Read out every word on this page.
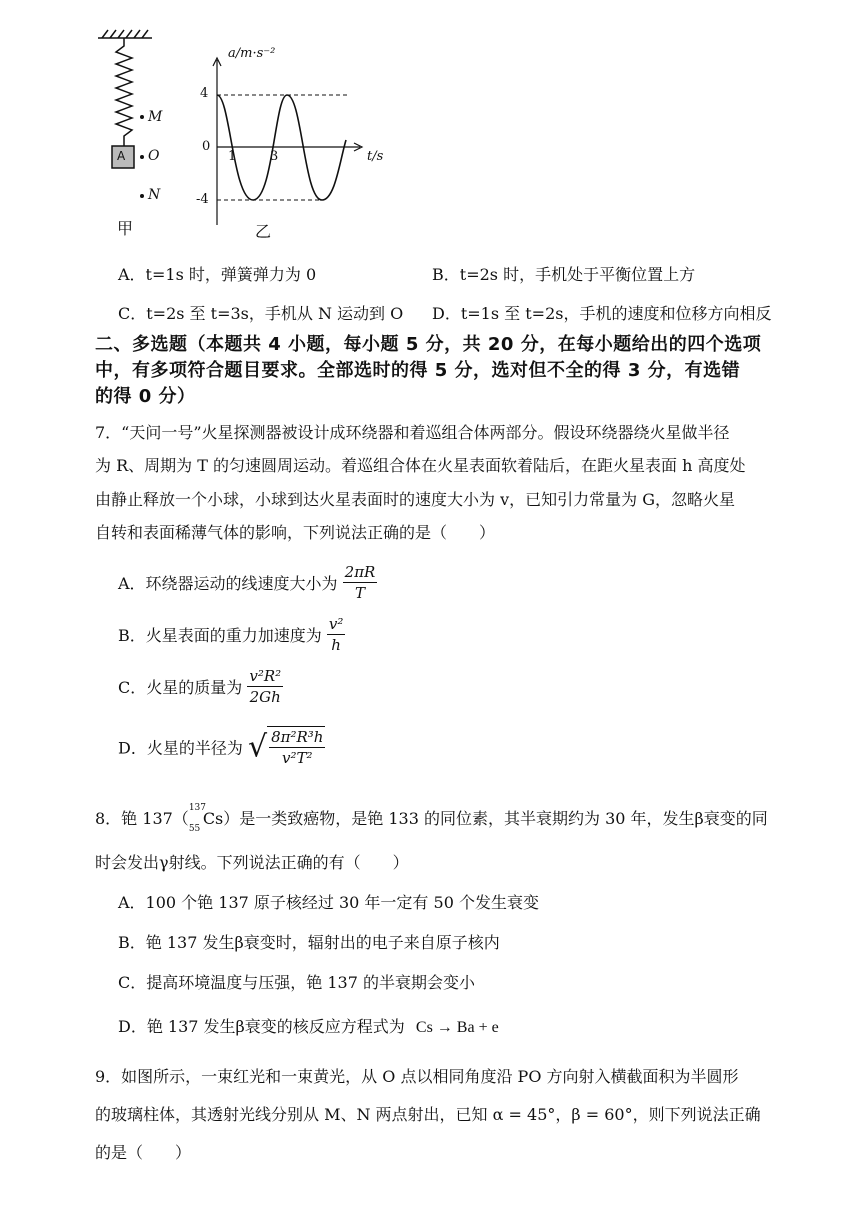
M
O
N
A
a/m·s⁻²
t/s
4
0
-4
1	3
甲	乙
A．t=1s 时，弹簧弹力为 0	B．t=2s 时，手机处于平衡位置上方
C．t=2s 至 t=3s，手机从 N 运动到 O D．t=1s 至 t=2s，手机的速度和位移方向相反
二、多选题（本题共 4 小题，每小题 5 分，共 20 分，在每小题给出的四个选项
中，有多项符合题目要求。全部选时的得 5 分，选对但不全的得 3 分，有选错
的得 0 分）
7．“天问一号”火星探测器被设计成环绕器和着巡组合体两部分。假设环绕器绕火星做半径
为 R、周期为 T 的匀速圆周运动。着巡组合体在火星表面软着陆后，在距火星表面 h 高度处
由静止释放一个小球，小球到达火星表面时的速度大小为 v，已知引力常量为 G，忽略火星
自转和表面稀薄气体的影响，下列说法正确的是（　　）
A．环绕器运动的线速度大小为 $\frac{2\pi R}{T}$
B．火星表面的重力加速度为 $\frac{\text{v²}}{h}$
C．火星的质量为 $\frac{\text{v²R²}}{2Gh}$
D．火星的半径为 √ $\frac{\text{8π²R³h}}{\text{v²T²}}$
8．铯 137（
137
55
Cs）是一类致癌物，是铯 133 的同位素，其半衰期约为 30 年，发生β衰变的同
时会发出γ射线。下列说法正确的有（　　）
A．100 个铯 137 原子核经过 30 年一定有 50 个发生衰变
B．铯 137 发生β衰变时，辐射出的电子来自原子核内
C．提高环境温度与压强，铯 137 的半衰期会变小
D．铯 137 发生β衰变的核反应方程式为 Cs → Ba + e
9．如图所示，一束红光和一束黄光，从 O 点以相同角度沿 PO 方向射入横截面积为半圆形
的玻璃柱体，其透射光线分别从 M、N 两点射出，已知 α = 45°，β = 60°，则下列说法正确
的是（　　）
